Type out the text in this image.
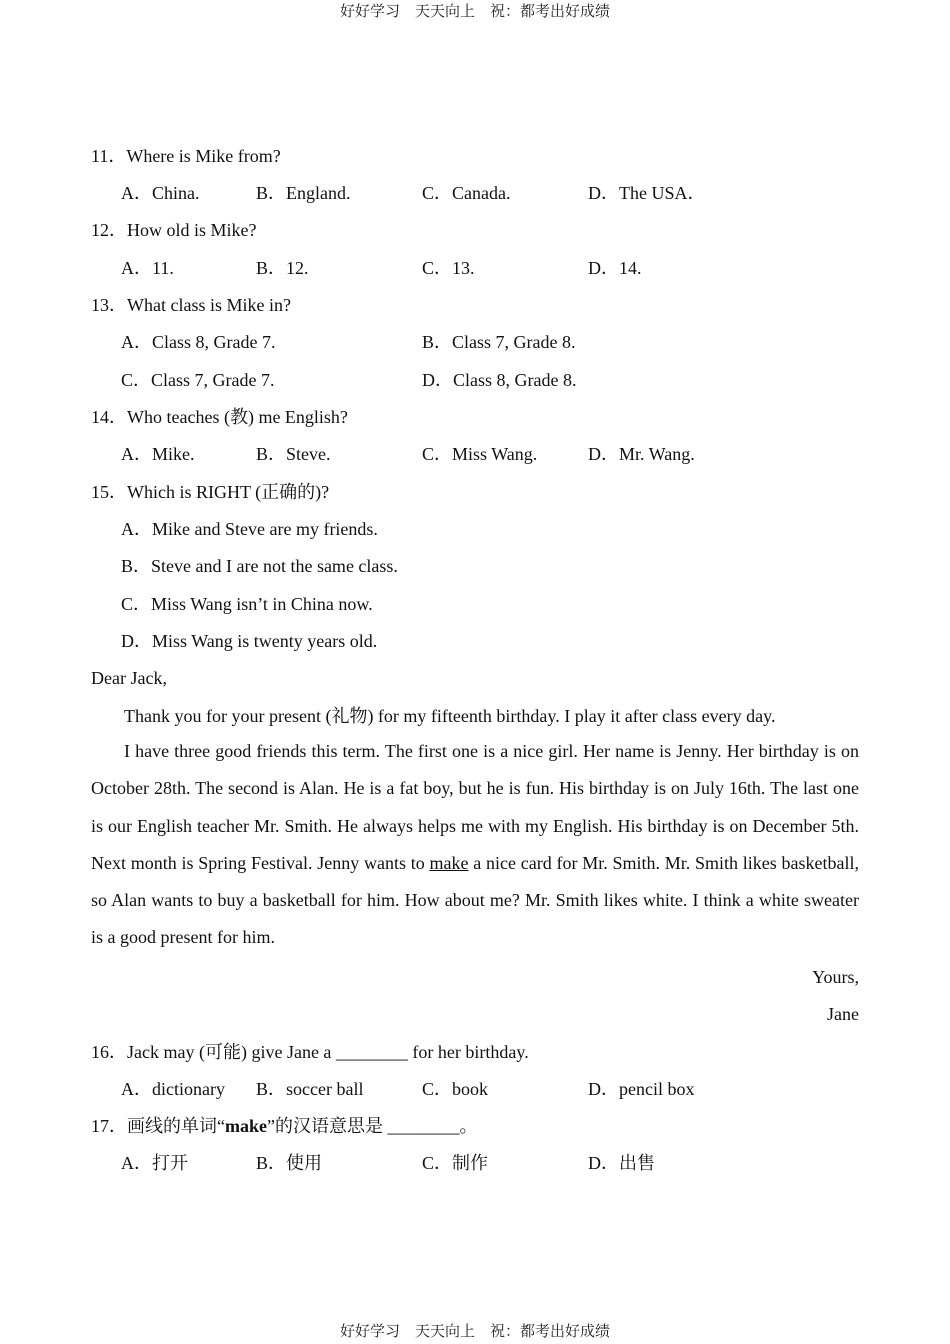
好好学习　天天向上　祝：都考出好成绩
11．Where is Mike from?
A．China.	B．England.	C．Canada.	D．The USA．
12．How old is Mike?
A．11.	B．12.	C．13.	D．14.
13．What class is Mike in?
A．Class 8, Grade 7.	B．Class 7, Grade 8.
C．Class 7, Grade 7.	D．Class 8, Grade 8.
14．Who teaches (教) me English?
A．Mike.	B．Steve.	C．Miss Wang.	D．Mr. Wang.
15．Which is RIGHT (正确的)?
A．Mike and Steve are my friends.
B．Steve and I are not the same class.
C．Miss Wang isn’t in China now.
D．Miss Wang is twenty years old.
Dear Jack,
Thank you for your present (礼物) for my fifteenth birthday. I play it after class every day.
I have three good friends this term. The first one is a nice girl. Her name is Jenny. Her birthday is on October 28th. The second is Alan. He is a fat boy, but he is fun. His birthday is on July 16th. The last one is our English teacher Mr. Smith. He always helps me with my English. His birthday is on December 5th. Next month is Spring Festival. Jenny wants to make a nice card for Mr. Smith. Mr. Smith likes basketball, so Alan wants to buy a basketball for him. How about me? Mr. Smith likes white. I think a white sweater is a good present for him.
Yours,
Jane
16．Jack may (可能) give Jane a ________ for her birthday.
A．dictionary B．soccer ball	C．book	D．pencil box
17．画线的单词“make”的汉语意思是 ________。
A．打开	B．使用	C．制作	D．出售
好好学习　天天向上　祝：都考出好成绩
